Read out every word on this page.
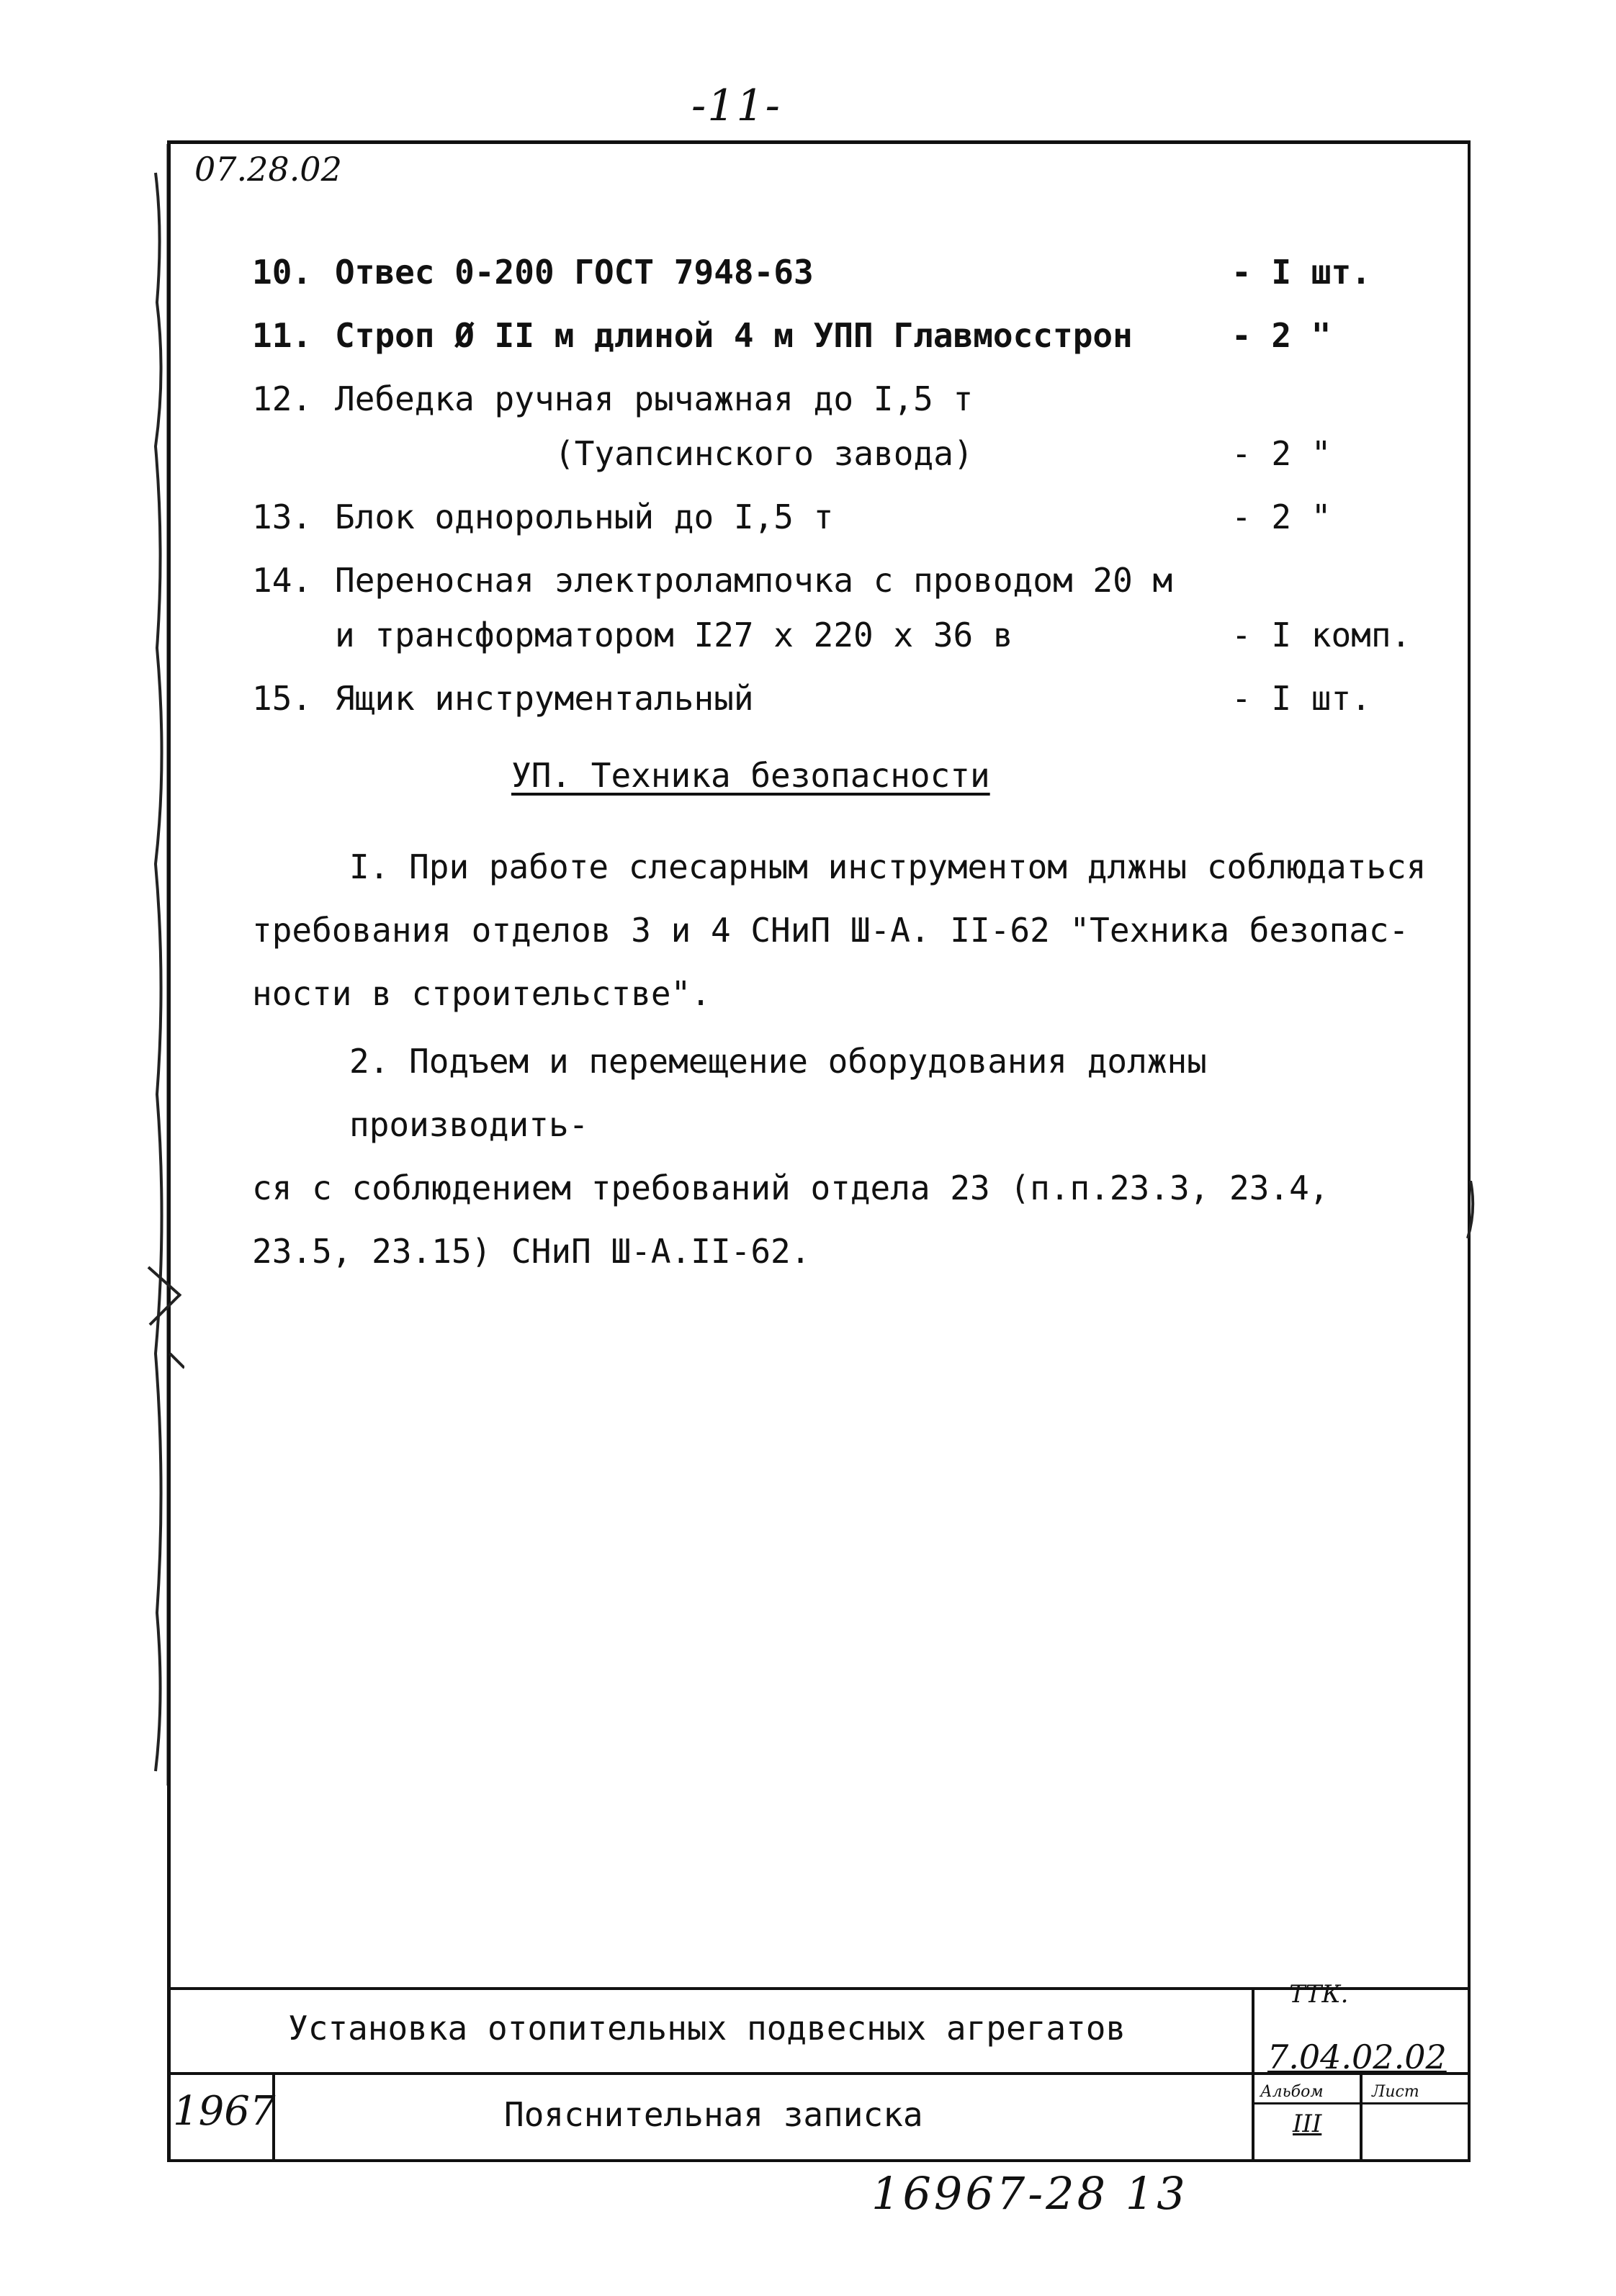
-11-
07.28.02
10. Отвес 0-200 ГОСТ 7948-63	- I шт.
11. Строп Ø II м длиной 4 м УПП Главмосстрон	- 2 "
12. Лебедка ручная рычажная до I,5 т
(Туапсинского завода)	- 2 "
13. Блок однорольный до I,5 т	- 2 "
14. Переносная электролампочка с проводом 20 м
и трансформатором I27 х 220 х 36 в	- I комп.
15. Ящик инструментальный	- I шт.
УП. Техника безопасности
I. При работе слесарным инструментом длжны соблюдаться
требования отделов 3 и 4 СНиП Ш-А. II-62 "Техника безопас-
ности в строительстве".
2. Подъем и перемещение оборудования должны производить-
ся с соблюдением требований отдела 23 (п.п.23.3, 23.4,
23.5, 23.15) СНиП Ш-А.II-62.
Установка отопительных подвесных агрегатов
Пояснительная записка
1967
ТТК.
7.04.02.02
Альбом	Лист
III
16967-28 13
